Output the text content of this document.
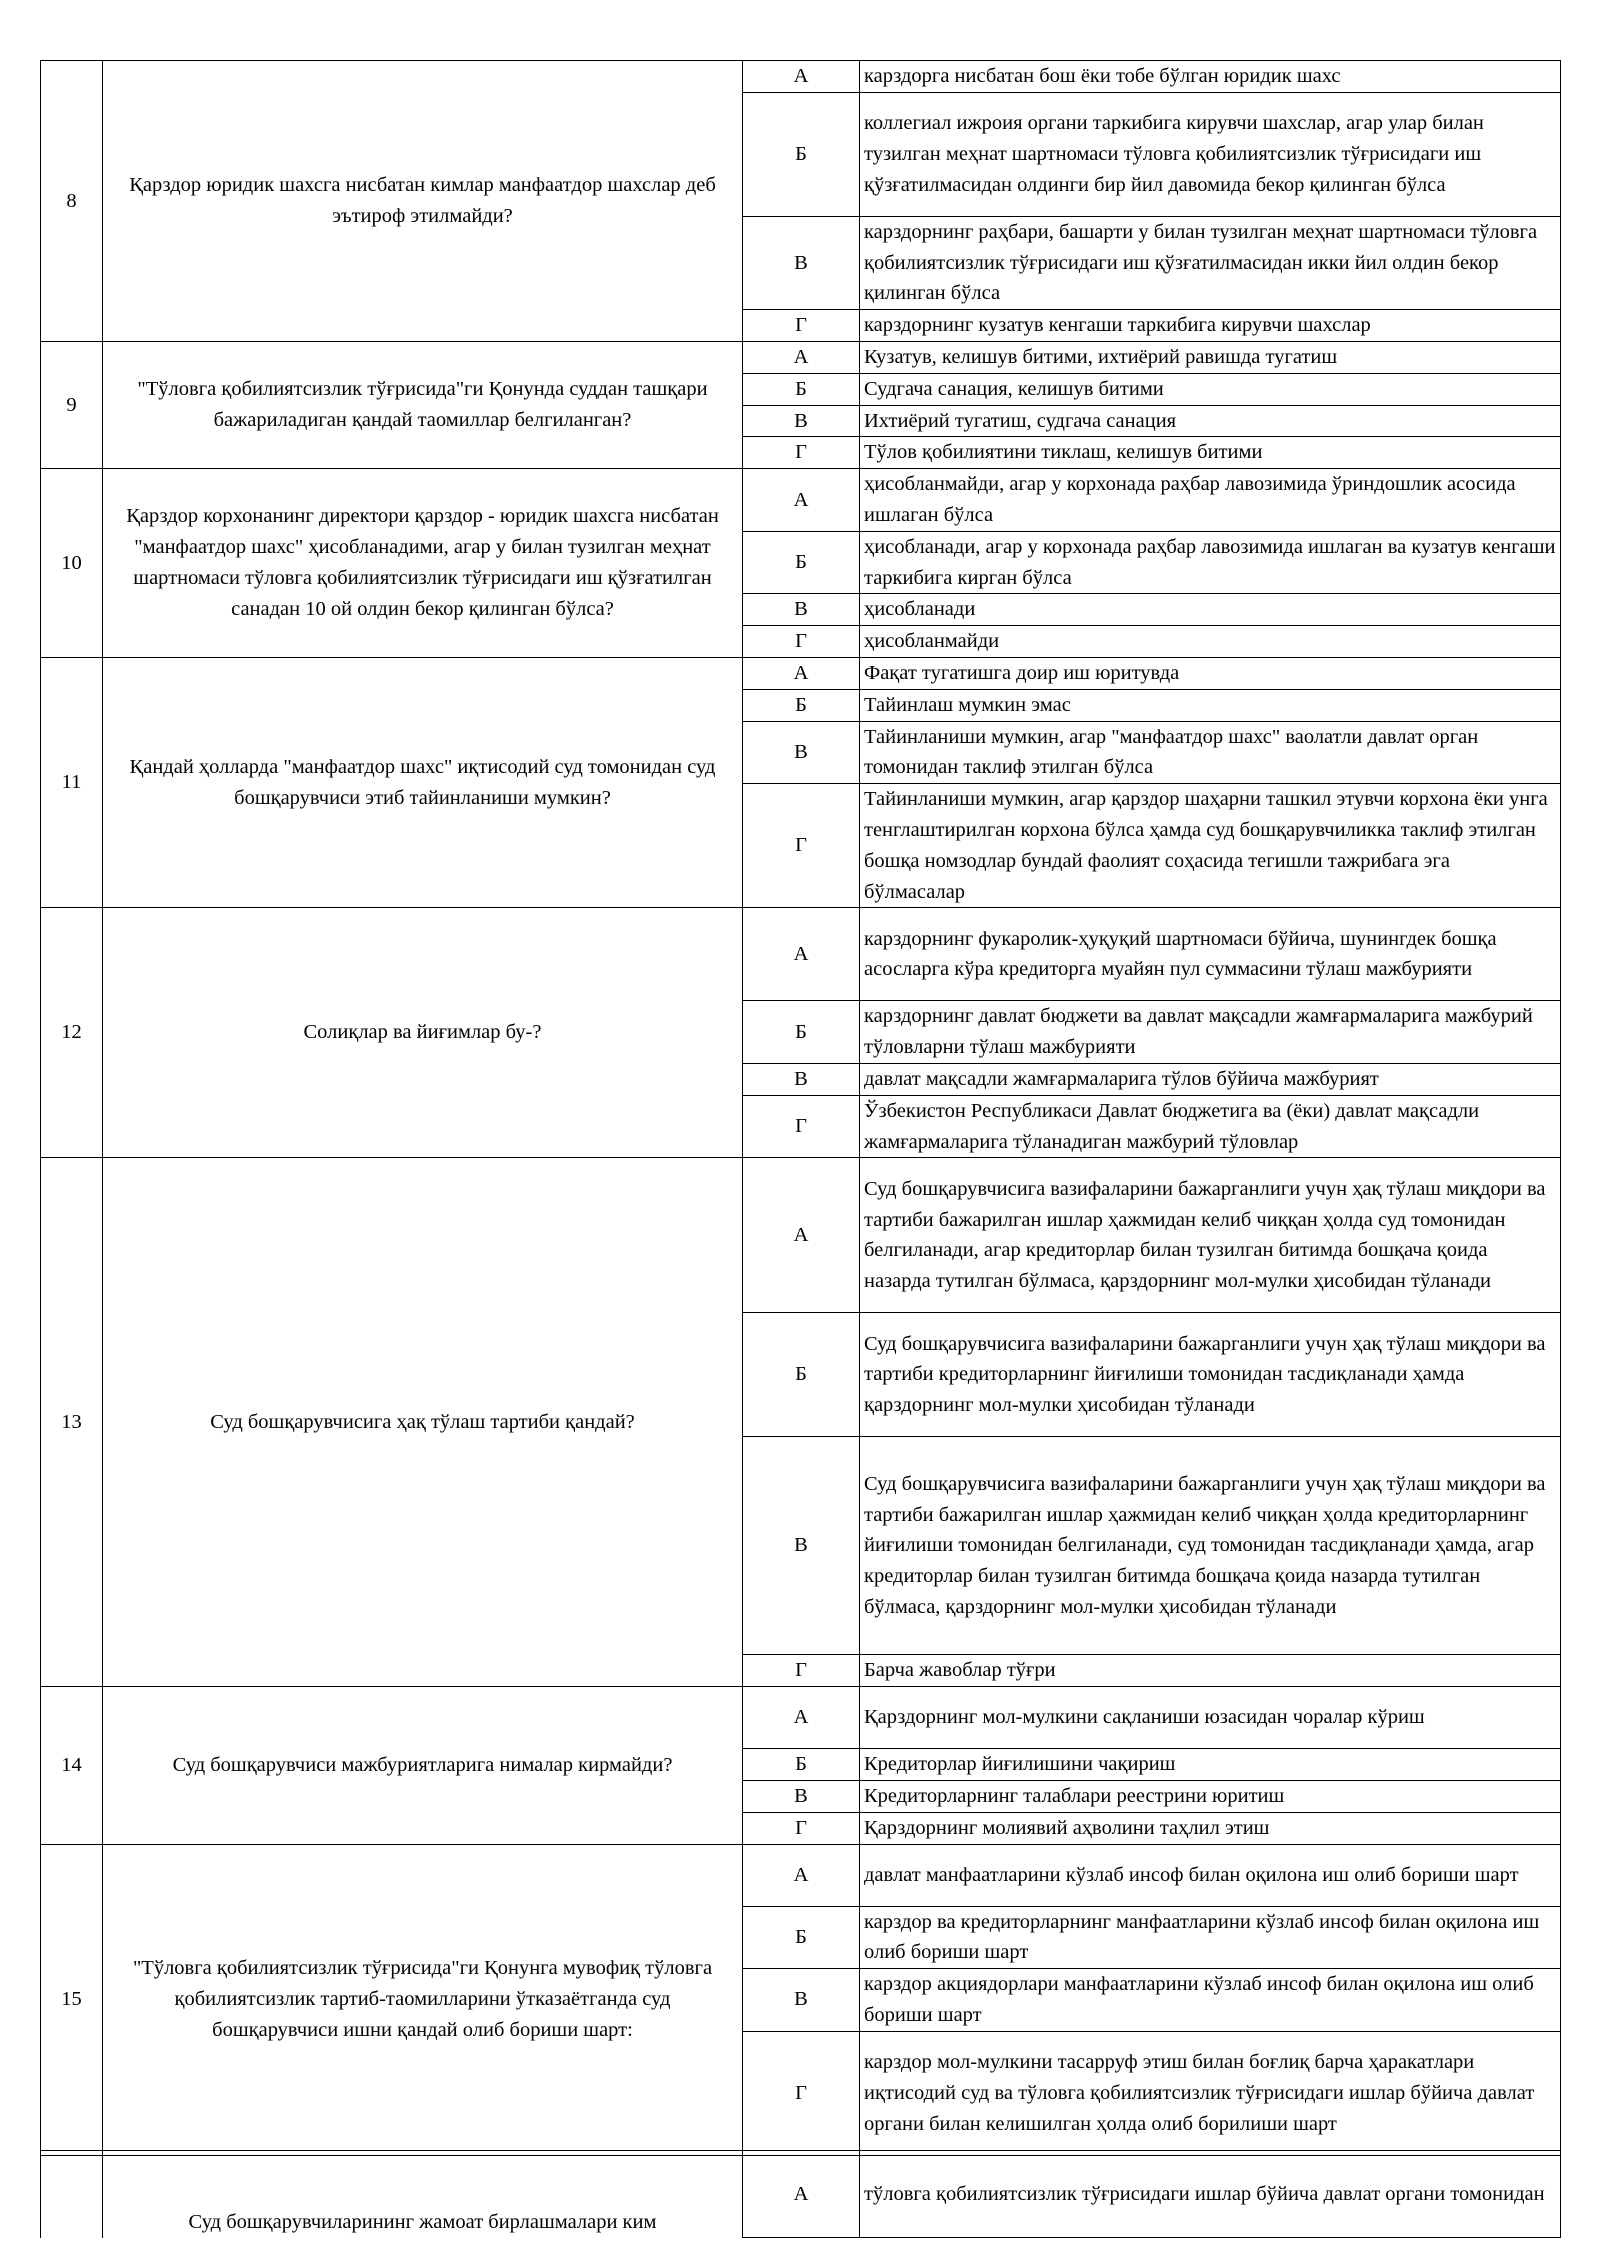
8	Қарздор юридик шахсга нисбатан кимлар манфаатдор шахслар деб эътироф этилмайди?	А	карздорга нисбатан бош ёки тобе бўлган юридик шахс
		Б	коллегиал ижроия органи таркибига кирувчи шахслар, агар улар билан тузилган меҳнат шартномаси тўловга қобилиятсизлик тўғрисидаги иш қўзғатилмасидан олдинги бир йил давомида бекор қилинган бўлса
		В	карздорнинг раҳбари, башарти у билан тузилган меҳнат шартномаси тўловга қобилиятсизлик тўғрисидаги иш қўзғатилмасидан икки йил олдин бекор қилинган бўлса
		Г	карздорнинг кузатув кенгаши таркибига кирувчи шахслар
9	"Тўловга қобилиятсизлик тўғрисида"ги Қонунда суддан ташқари бажариладиган қандай таомиллар белгиланган?	А	Кузатув, келишув битими, ихтиёрий равишда тугатиш
		Б	Судгача санация, келишув битими
		В	Ихтиёрий тугатиш, судгача санация
		Г	Тўлов қобилиятини тиклаш, келишув битими
10	Қарздор корхонанинг директори қарздор - юридик шахсга нисбатан "манфаатдор шахс" ҳисобланадими, агар у билан тузилган меҳнат шартномаси тўловга қобилиятсизлик тўғрисидаги иш қўзғатилган санадан 10 ой олдин бекор қилинган бўлса?	А	ҳисобланмайди, агар у корхонада раҳбар лавозимида ўриндошлик асосида ишлаган бўлса
		Б	ҳисобланади, агар у корхонада раҳбар лавозимида ишлаган ва кузатув кенгаши таркибига кирган бўлса
		В	ҳисобланади
		Г	ҳисобланмайди
11	Қандай ҳолларда "манфаатдор шахс" иқтисодий суд томонидан суд бошқарувчиси этиб тайинланиши мумкин?	А	Фақат тугатишга доир иш юритувда
		Б	Тайинлаш мумкин эмас
		В	Тайинланиши мумкин, агар "манфаатдор шахс" ваолатли давлат орган томонидан таклиф этилган бўлса
		Г	Тайинланиши мумкин, агар қарздор шаҳарни ташкил этувчи корхона ёки унга тенглаштирилган корхона бўлса ҳамда суд бошқарувчиликка таклиф этилган бошқа номзодлар бундай фаолият соҳасида тегишли тажрибага эга бўлмасалар
12	Солиқлар ва йиғимлар бу-?	А	карздорнинг фукаролик-ҳуқуқий шартномаси бўйича, шунингдек бошқа асосларга кўра кредиторга муайян пул суммасини тўлаш мажбурияти
		Б	карздорнинг давлат бюджети ва давлат мақсадли жамғармаларига мажбурий тўловларни тўлаш мажбурияти
		В	давлат мақсадли жамғармаларига тўлов бўйича мажбурият
		Г	Ўзбекистон Республикаси Давлат бюджетига ва (ёки) давлат мақсадли жамғармаларига тўланадиган мажбурий тўловлар
13	Суд бошқарувчисига ҳақ тўлаш тартиби қандай?	А	Суд бошқарувчисига вазифаларини бажарганлиги учун ҳақ тўлаш миқдори ва тартиби бажарилган ишлар ҳажмидан келиб чиққан ҳолда суд томонидан белгиланади, агар кредиторлар билан тузилган битимда бошқача қоида назарда тутилган бўлмаса, қарздорнинг мол-мулки ҳисобидан тўланади
		Б	Суд бошқарувчисига вазифаларини бажарганлиги учун ҳақ тўлаш миқдори ва тартиби кредиторларнинг йиғилиши томонидан тасдиқланади ҳамда қарздорнинг мол-мулки ҳисобидан тўланади
		В	Суд бошқарувчисига вазифаларини бажарганлиги учун ҳақ тўлаш миқдори ва тартиби бажарилган ишлар ҳажмидан келиб чиққан ҳолда кредиторларнинг йиғилиши томонидан белгиланади, суд томонидан тасдиқланади ҳамда, агар кредиторлар билан тузилган битимда бошқача қоида назарда тутилган бўлмаса, қарздорнинг мол-мулки ҳисобидан тўланади
		Г	Барча жавоблар тўғри
14	Суд бошқарувчиси мажбуриятларига нималар кирмайди?	А	Қарздорнинг мол-мулкини сақланиши юзасидан чоралар кўриш
		Б	Кредиторлар йиғилишини чақириш
		В	Кредиторларнинг талаблари реестрини юритиш
		Г	Қарздорнинг молиявий аҳволини таҳлил этиш
15	"Тўловга қобилиятсизлик тўғрисида"ги Қонунга мувофиқ тўловга қобилиятсизлик тартиб-таомилларини ўтказаётганда суд бошқарувчиси ишни қандай олиб бориши шарт:	А	давлат манфаатларини кўзлаб инсоф билан оқилона иш олиб бориши шарт
		Б	карздор ва кредиторларнинг манфаатларини кўзлаб инсоф билан оқилона иш олиб бориши шарт
		В	карздор акциядорлари манфаатларини кўзлаб инсоф билан оқилона иш олиб бориши шарт
		Г	карздор мол-мулкини тасарруф этиш билан боғлиқ барча ҳаракатлари иқтисодий суд ва тўловга қобилиятсизлик тўғрисидаги ишлар бўйича давлат органи билан келишилган ҳолда олиб борилиши шарт
	Суд бошқарувчиларининг жамоат бирлашмалари ким	А	тўловга қобилиятсизлик тўғрисидаги ишлар бўйича давлат органи томонидан
